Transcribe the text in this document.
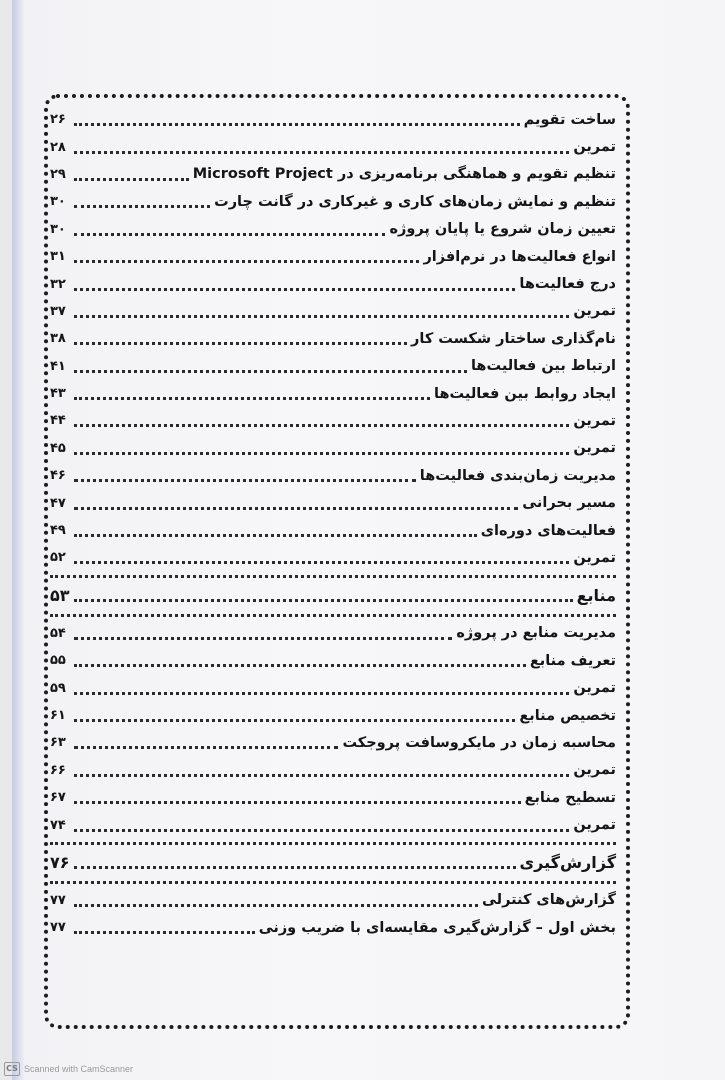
ساخت تقویم
۲۶
تمرین
۲۸
تنظیم تقویم و هماهنگی برنامه‌ریزی در Microsoft Project
۲۹
تنظیم و نمایش زمان‌های کاری و غیرکاری در گانت چارت
۳۰
تعیین زمان شروع یا پایان پروژه
۳۰
انواع فعالیت‌ها در نرم‌افزار
۳۱
درج فعالیت‌ها
۳۲
تمرین
۳۷
نام‌گذاری ساختار شکست کار
۳۸
ارتباط بین فعالیت‌ها
۴۱
ایجاد روابط بین فعالیت‌ها
۴۳
تمرین
۴۴
تمرین
۴۵
مدیریت زمان‌بندی فعالیت‌ها
۴۶
مسیر بحرانی
۴۷
فعالیت‌های دوره‌ای
۴۹
تمرین
۵۲
منابع
۵۳
مدیریت منابع در پروژه
۵۴
تعریف منابع
۵۵
تمرین
۵۹
تخصیص منابع
۶۱
محاسبه زمان در مایکروسافت پروجکت
۶۳
تمرین
۶۶
تسطیح منابع
۶۷
تمرین
۷۴
گزارش‌گیری
۷۶
گزارش‌های کنترلی
۷۷
بخش اول – گزارش‌گیری مقایسه‌ای با ضریب وزنی
۷۷
CS Scanned with CamScanner
